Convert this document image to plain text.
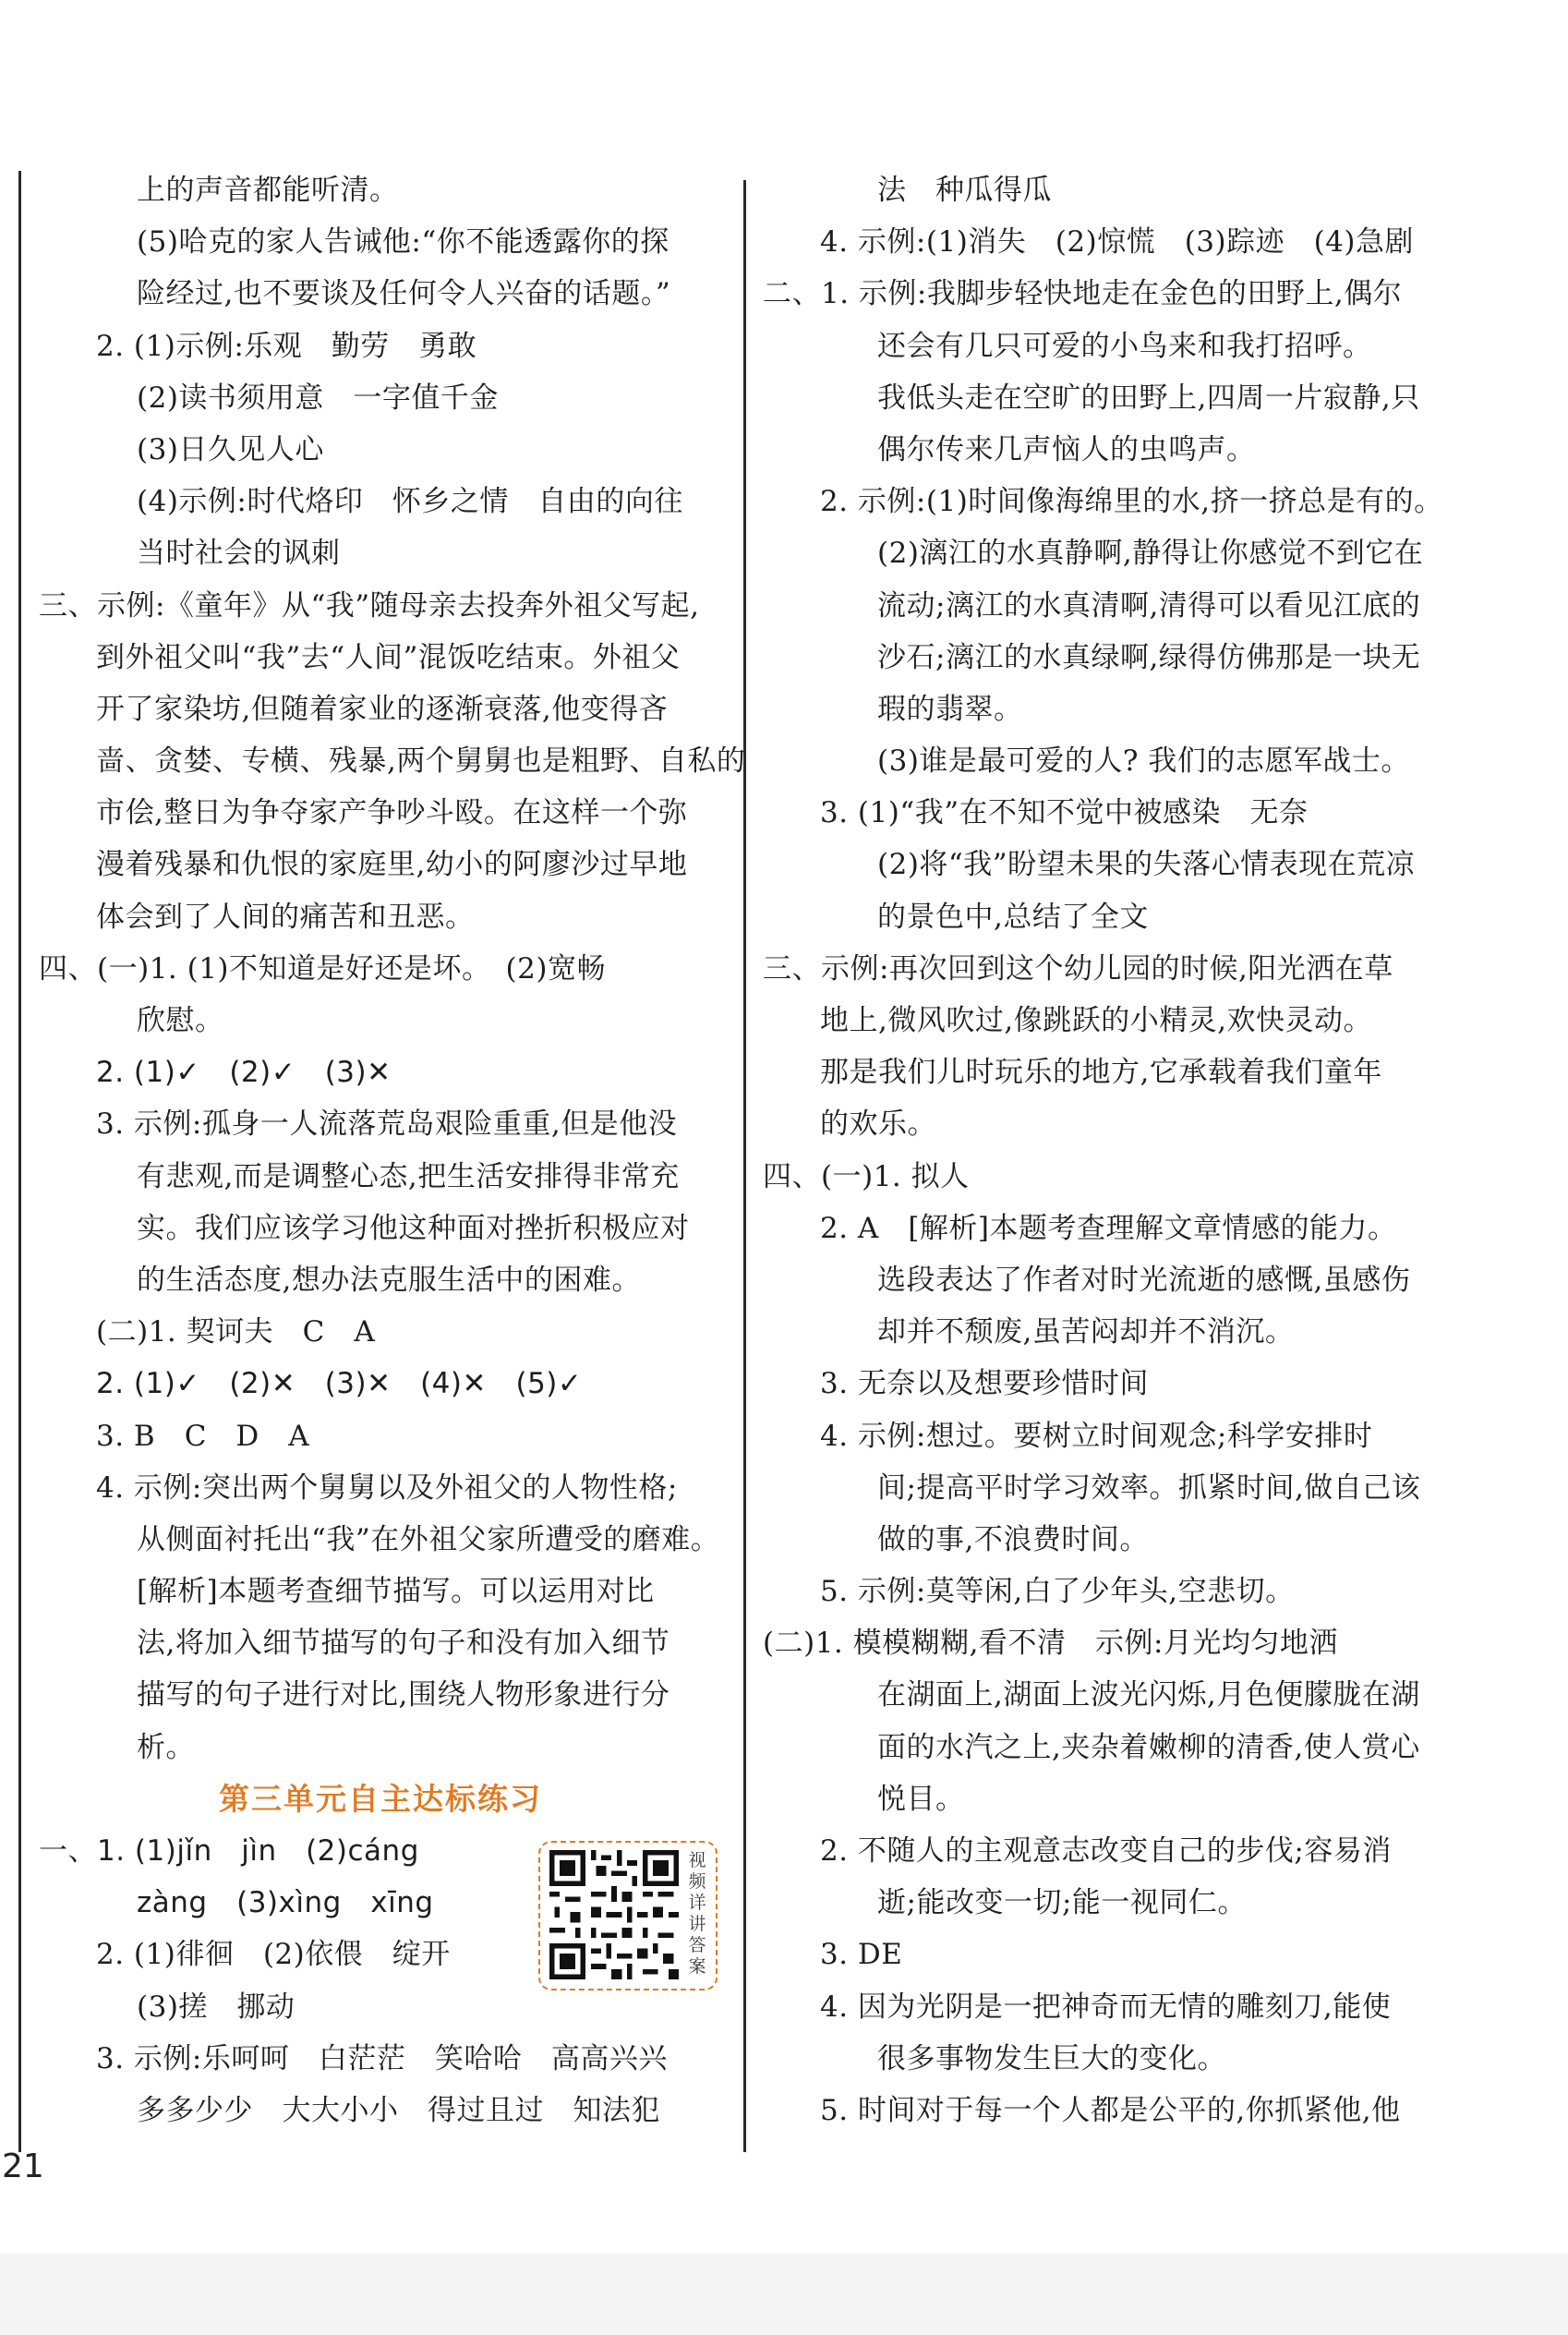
上的声音都能听清。
(5)哈克的家人告诫他:“你不能透露你的探
险经过,也不要谈及任何令人兴奋的话题。”
2. (1)示例:乐观　勤劳　勇敢
(2)读书须用意　一字值千金
(3)日久见人心
(4)示例:时代烙印　怀乡之情　自由的向往
当时社会的讽刺
三、示例:《童年》从“我”随母亲去投奔外祖父写起,
到外祖父叫“我”去“人间”混饭吃结束。外祖父
开了家染坊,但随着家业的逐渐衰落,他变得吝
啬、贪婪、专横、残暴,两个舅舅也是粗野、自私的
市侩,整日为争夺家产争吵斗殴。在这样一个弥
漫着残暴和仇恨的家庭里,幼小的阿廖沙过早地
体会到了人间的痛苦和丑恶。
四、(一)1. (1)不知道是好还是坏。　(2)宽畅
欣慰。
2. (1)✓　(2)✓　(3)✕
3. 示例:孤身一人流落荒岛艰险重重,但是他没
有悲观,而是调整心态,把生活安排得非常充
实。我们应该学习他这种面对挫折积极应对
的生活态度,想办法克服生活中的困难。
(二)1. 契诃夫　C　A
2. (1)✓　(2)✕　(3)✕　(4)✕　(5)✓
3. B　C　D　A
4. 示例:突出两个舅舅以及外祖父的人物性格;
从侧面衬托出“我”在外祖父家所遭受的磨难。
[解析]本题考查细节描写。可以运用对比
法,将加入细节描写的句子和没有加入细节
描写的句子进行对比,围绕人物形象进行分
析。
第三单元自主达标练习
一、1. (1)jǐn　jìn　(2)cáng
zàng　(3)xìng　xīng
2. (1)徘徊　(2)依偎　绽开
(3)搓　挪动
3. 示例:乐呵呵　白茫茫　笑哈哈　高高兴兴
多多少少　大大小小　得过且过　知法犯
视频详讲答案
法　种瓜得瓜
4. 示例:(1)消失　(2)惊慌　(3)踪迹　(4)急剧
二、1. 示例:我脚步轻快地走在金色的田野上,偶尔
还会有几只可爱的小鸟来和我打招呼。
我低头走在空旷的田野上,四周一片寂静,只
偶尔传来几声恼人的虫鸣声。
2. 示例:(1)时间像海绵里的水,挤一挤总是有的。
(2)漓江的水真静啊,静得让你感觉不到它在
流动;漓江的水真清啊,清得可以看见江底的
沙石;漓江的水真绿啊,绿得仿佛那是一块无
瑕的翡翠。
(3)谁是最可爱的人? 我们的志愿军战士。
3. (1)“我”在不知不觉中被感染　无奈
(2)将“我”盼望未果的失落心情表现在荒凉
的景色中,总结了全文
三、示例:再次回到这个幼儿园的时候,阳光洒在草
地上,微风吹过,像跳跃的小精灵,欢快灵动。
那是我们儿时玩乐的地方,它承载着我们童年
的欢乐。
四、(一)1. 拟人
2. A　[解析]本题考查理解文章情感的能力。
选段表达了作者对时光流逝的感慨,虽感伤
却并不颓废,虽苦闷却并不消沉。
3. 无奈以及想要珍惜时间
4. 示例:想过。要树立时间观念;科学安排时
间;提高平时学习效率。抓紧时间,做自己该
做的事,不浪费时间。
5. 示例:莫等闲,白了少年头,空悲切。
(二)1. 模模糊糊,看不清　示例:月光均匀地洒
在湖面上,湖面上波光闪烁,月色便朦胧在湖
面的水汽之上,夹杂着嫩柳的清香,使人赏心
悦目。
2. 不随人的主观意志改变自己的步伐;容易消
逝;能改变一切;能一视同仁。
3. DE
4. 因为光阴是一把神奇而无情的雕刻刀,能使
很多事物发生巨大的变化。
5. 时间对于每一个人都是公平的,你抓紧他,他
21
